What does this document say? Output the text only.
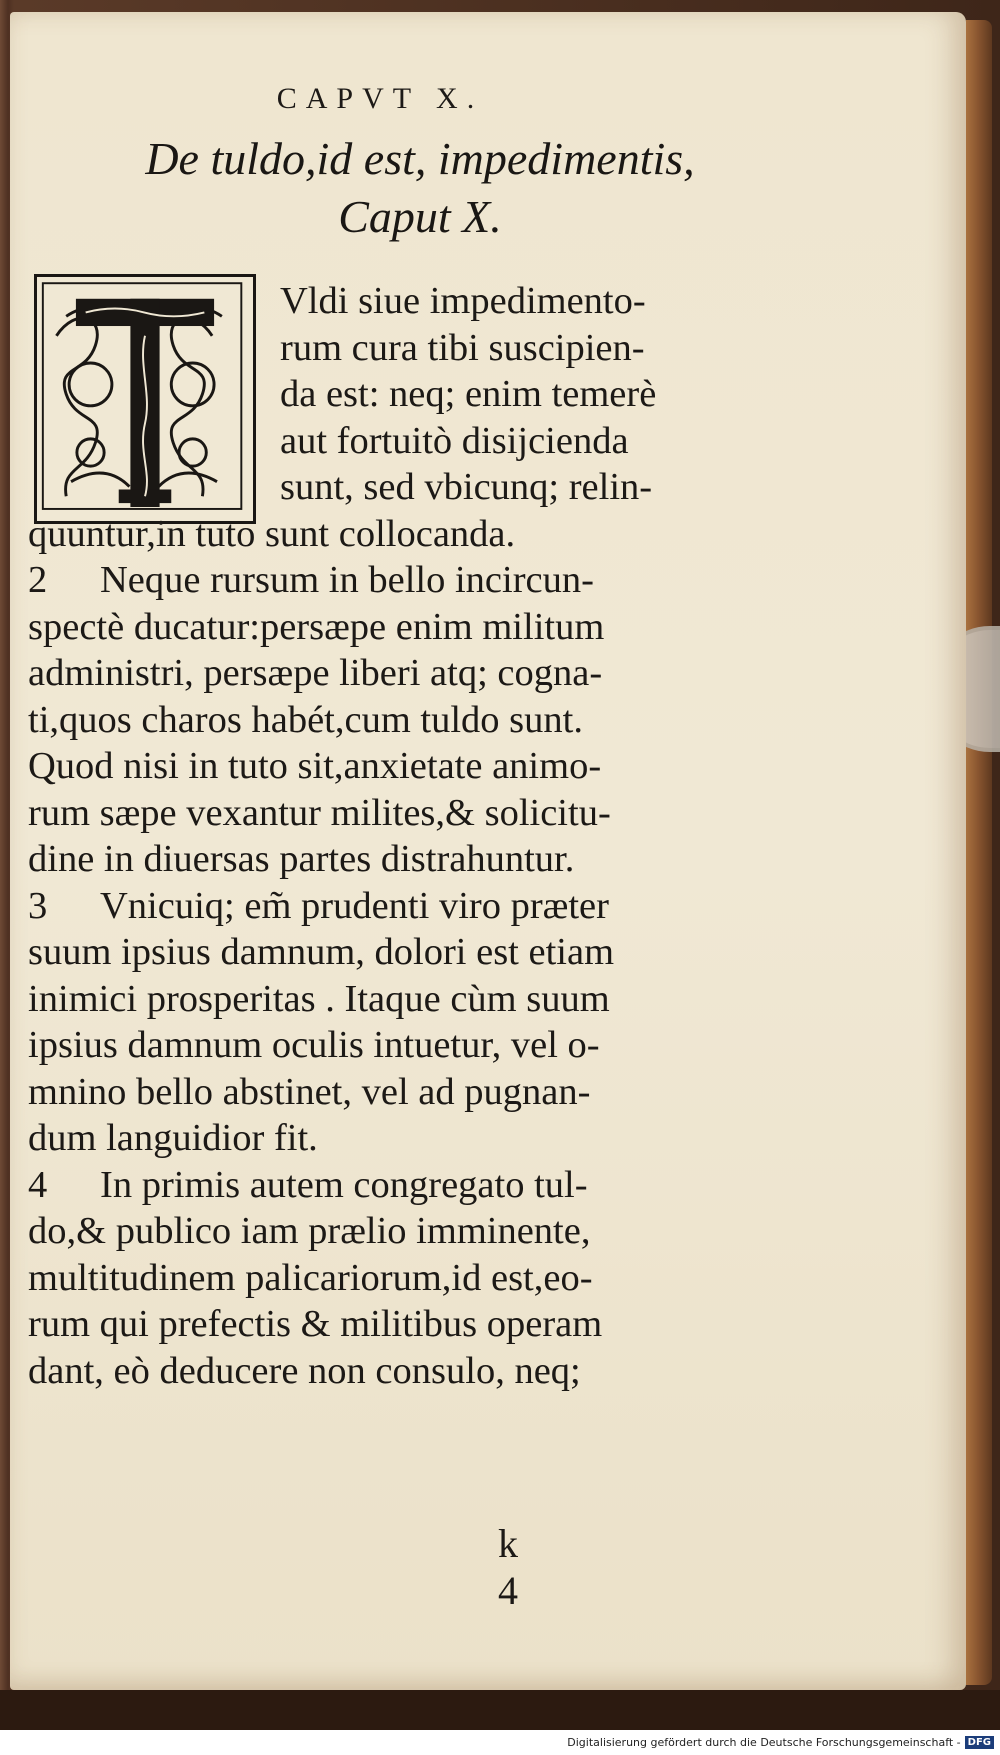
CAPVT X.
De tuldo,id est, impedimentis,
Caput X.
Vldi siue impedimento-
rum cura tibi suscipien-
da est: neq; enim temerè
aut fortuitò disijcienda
sunt, sed vbicunq; relin-
quuntur,in tuto sunt collocanda.
2 Neque rursum in bello incircun-
spectè ducatur:persæpe enim militum
administri, persæpe liberi atq; cogna-
ti,quos charos habét,cum tuldo sunt.
Quod nisi in tuto sit,anxietate animo-
rum sæpe vexantur milites,& solicitu-
dine in diuersas partes distrahuntur.
3 Vnicuiq; em̃ prudenti viro præter
suum ipsius damnum, dolori est etiam
inimici prosperitas . Itaque cùm suum
ipsius damnum oculis intuetur, vel o-
mnino bello abstinet, vel ad pugnan-
dum languidior fit.
4 In primis autem congregato tul-
do,& publico iam prælio imminente,
multitudinem palicariorum,id est,eo-
rum qui prefectis & militibus operam
dant, eò deducere non consulo, neq;
k 4
Digitalisierung gefördert durch die Deutsche Forschungsgemeinschaft - DFG
